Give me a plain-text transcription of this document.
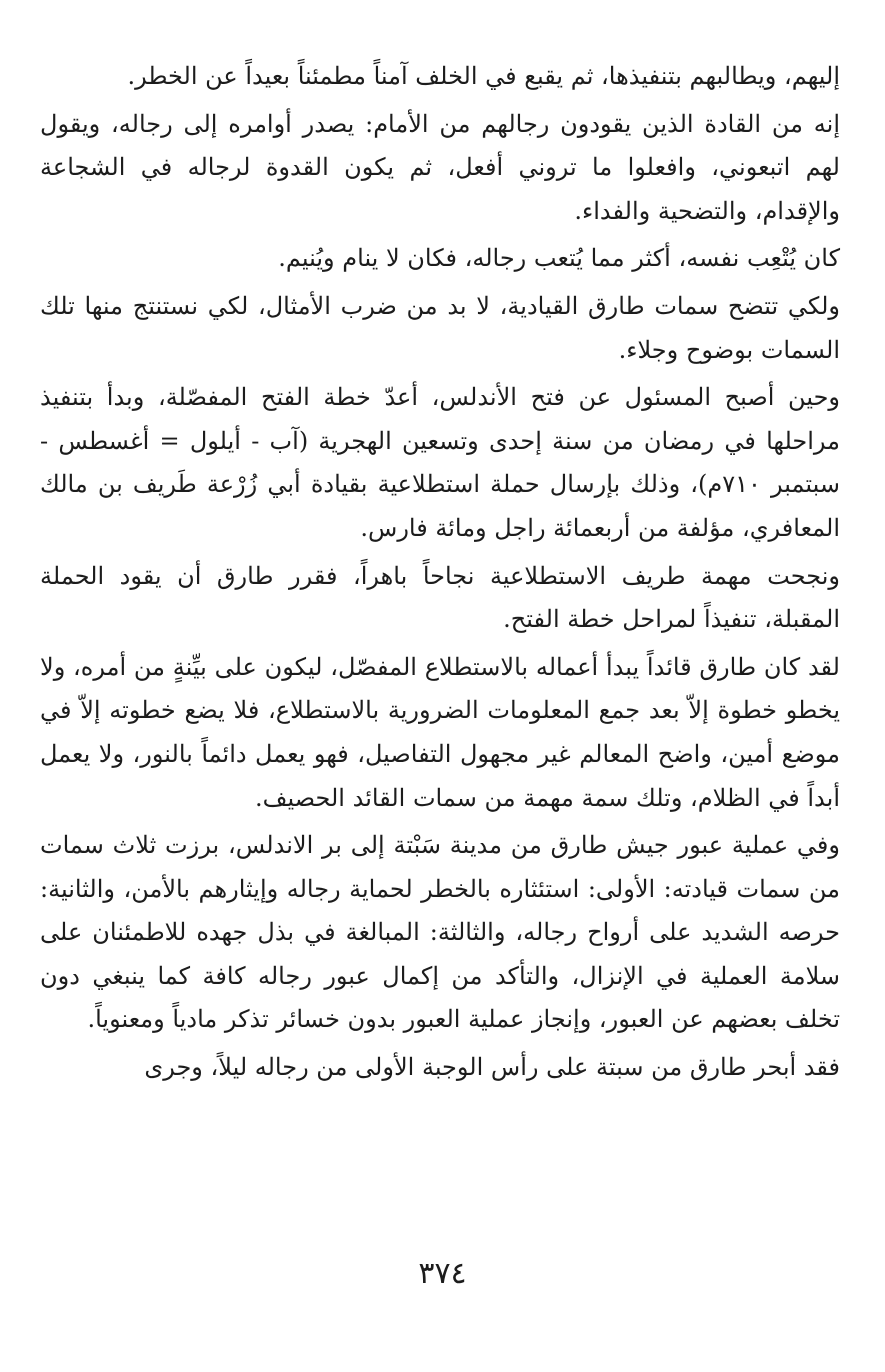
إليهم، ويطالبهم بتنفيذها، ثم يقبع في الخلف آمناً مطمئناً بعيداً عن الخطر.

إنه من القادة الذين يقودون رجالهم من الأمام: يصدر أوامره إلى رجاله، ويقول لهم اتبعوني، وافعلوا ما تروني أفعل، ثم يكون القدوة لرجاله في الشجاعة والإقدام، والتضحية والفداء.

كان يُتْعِب نفسه، أكثر مما يُتعب رجاله، فكان لا ينام ويُنيم.

ولكي تتضح سمات طارق القيادية، لا بد من ضرب الأمثال، لكي نستنتج منها تلك السمات بوضوح وجلاء.

وحين أصبح المسئول عن فتح الأندلس، أعدّ خطة الفتح المفصّلة، وبدأ بتنفيذ مراحلها في رمضان من سنة إحدى وتسعين الهجرية (آب - أيلول = أغسطس - سبتمبر ٧١٠م)، وذلك بإرسال حملة استطلاعية بقيادة أبي زُرْعة طَريف بن مالك المعافري، مؤلفة من أربعمائة راجل ومائة فارس.

ونجحت مهمة طريف الاستطلاعية نجاحاً باهراً، فقرر طارق أن يقود الحملة المقبلة، تنفيذاً لمراحل خطة الفتح.

لقد كان طارق قائداً يبدأ أعماله بالاستطلاع المفصّل، ليكون على بيِّنةٍ من أمره، ولا يخطو خطوة إلاّ بعد جمع المعلومات الضرورية بالاستطلاع، فلا يضع خطوته إلاّ في موضع أمين، واضح المعالم غير مجهول التفاصيل، فهو يعمل دائماً بالنور، ولا يعمل أبداً في الظلام، وتلك سمة مهمة من سمات القائد الحصيف.

وفي عملية عبور جيش طارق من مدينة سَبْتة إلى بر الاندلس، برزت ثلاث سمات من سمات قيادته: الأولى: استئثاره بالخطر لحماية رجاله وإيثارهم بالأمن، والثانية: حرصه الشديد على أرواح رجاله، والثالثة: المبالغة في بذل جهده للاطمئنان على سلامة العملية في الإنزال، والتأكد من إكمال عبور رجاله كافة كما ينبغي دون تخلف بعضهم عن العبور، وإنجاز عملية العبور بدون خسائر تذكر مادياً ومعنوياً.

فقد أبحر طارق من سبتة على رأس الوجبة الأولى من رجاله ليلاً، وجرى

٣٧٤
